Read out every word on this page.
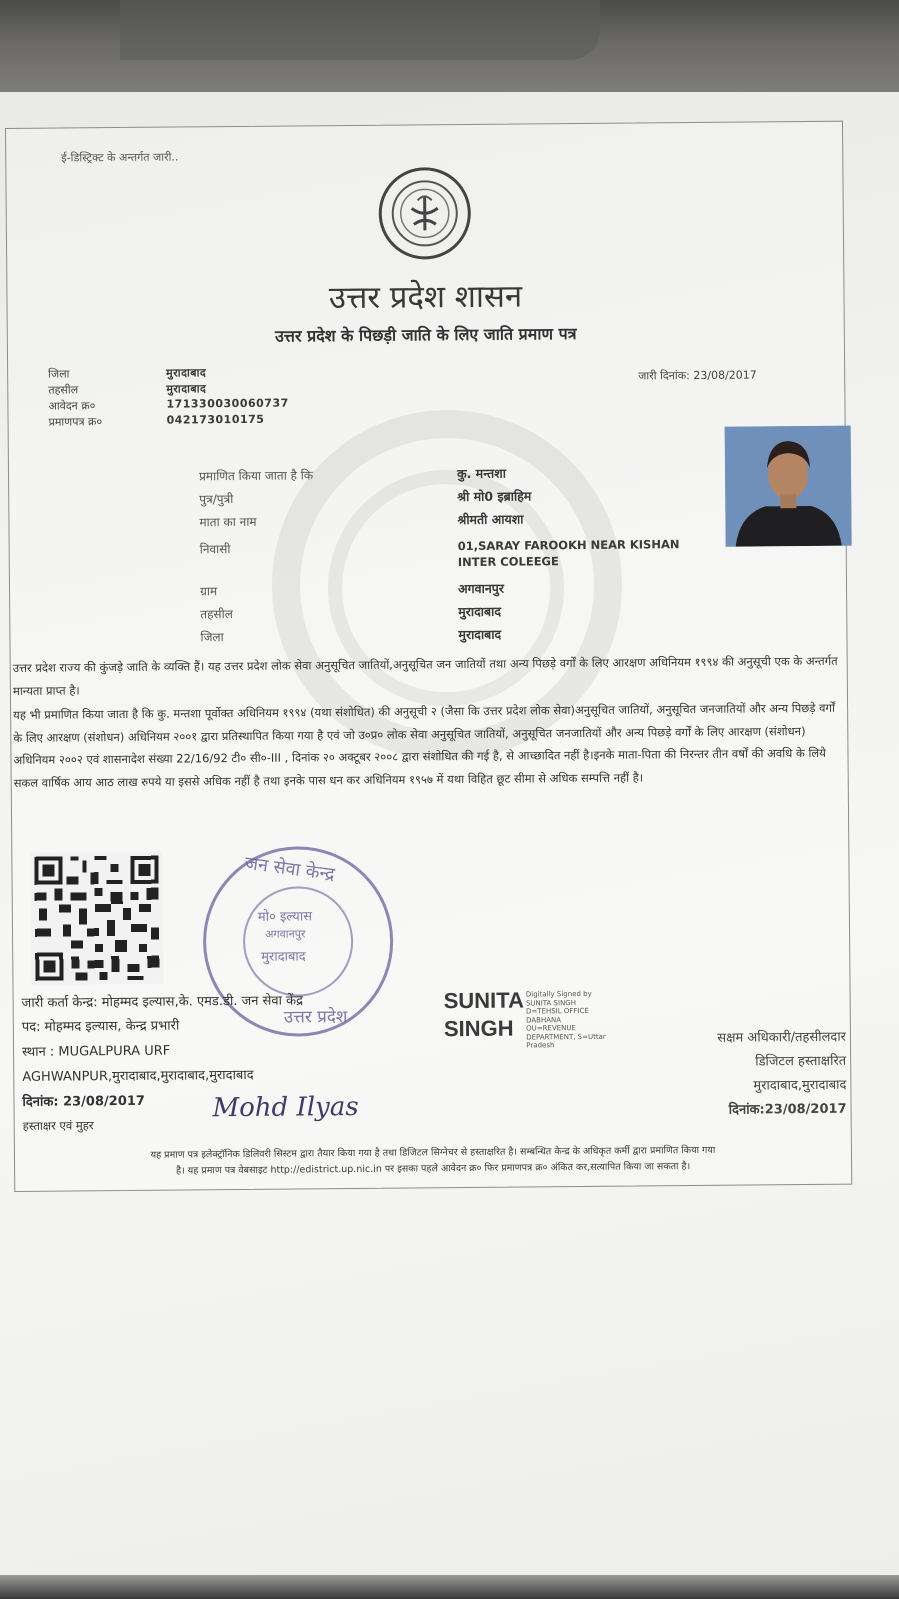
ई-डिस्ट्रिक्ट के अन्तर्गत जारी..
उत्तर प्रदेश शासन
उत्तर प्रदेश के पिछड़ी जाति के लिए जाति प्रमाण पत्र
जिला	मुरादाबाद
तहसील	मुरादाबाद
आवेदन क्र०	171330030060737
प्रमाणपत्र क्र०	042173010175
जारी दिनांक: 23/08/2017
प्रमाणित किया जाता है कि	कु. मन्तशा
पुत्र/पुत्री	श्री मो0 इब्राहिम
माता का नाम	श्रीमती आयशा
निवासी	01,SARAY FAROOKH NEAR KISHAN INTER COLEEGE
ग्राम	अगवानपुर
तहसील	मुरादाबाद
जिला	मुरादाबाद
उत्तर प्रदेश राज्य की कुंजड़े जाति के व्यक्ति हैं। यह उत्तर प्रदेश लोक सेवा अनुसूचित जातियों,अनुसूचित जन जातियों तथा अन्य पिछड़े वर्गों के लिए आरक्षण अधिनियम १९९४ की अनुसूची एक के अन्तर्गत मान्यता प्राप्त है।
यह भी प्रमाणित किया जाता है कि कु. मन्तशा पूर्वोक्त अधिनियम १९९४ (यथा संशोधित) की अनुसूची २ (जैसा कि उत्तर प्रदेश लोक सेवा)अनुसूचित जातियों, अनुसूचित जनजातियों और अन्य पिछड़े वर्गों के लिए आरक्षण (संशोधन) अधिनियम २००१ द्वारा प्रतिस्थापित किया गया है एवं जो उ०प्र० लोक सेवा अनुसूचित जातियों, अनुसूचित जनजातियों और अन्य पिछड़े वर्गों के लिए आरक्षण (संशोधन) अधिनियम २००२ एवं शासनादेश संख्या 22/16/92 टी० सी०-III , दिनांक २० अक्टूबर २००८ द्वारा संशोधित की गई है, से आच्छादित नहीं है।इनके माता-पिता की निरन्तर तीन वर्षों की अवधि के लिये सकल वार्षिक आय आठ लाख रुपये या इससे अधिक नहीं है तथा इनके पास धन कर अधिनियम १९५७ में यथा विहित छूट सीमा से अधिक सम्पत्ति नहीं है।
जन सेवा केन्द्र
मो० इल्यास
अगवानपुर
मुरादाबाद
उत्तर प्रदेश
जारी कर्ता केन्द्र: मोहम्मद इल्यास,के. एमड.डी. जन सेवा केंद्र
पद: मोहम्मद इल्यास, केन्द्र प्रभारी
स्थान : MUGALPURA URF
AGHWANPUR,मुरादाबाद,मुरादाबाद,मुरादाबाद
दिनांक: 23/08/2017
हस्ताक्षर एवं मुहर
Mohd Ilyas
SUNITA
SINGH
Digitally Signed by
SUNITA SINGH
D=TEHSIL OFFICE
DABHANA
OU=REVENUE
DEPARTMENT, S=Uttar
Pradesh	सक्षम अधिकारी/तहसीलदार
डिजिटल हस्ताक्षरित
मुरादाबाद,मुरादाबाद
दिनांक:23/08/2017
यह प्रमाण पत्र इलेक्ट्रॉनिक डिलिवरी सिस्टम द्वारा तैयार किया गया है तथा डिजिटल सिग्नेचर से हस्ताक्षरित है। सम्बन्धित केन्द्र के अधिकृत कर्मी द्वारा प्रमाणित किया गया
है। यह प्रमाण पत्र वेबसाइट http://edistrict.up.nic.in पर इसका पहले आवेदन क्र० फिर प्रमाणपत्र क्र० अंकित कर,सत्यापित किया जा सकता है।
